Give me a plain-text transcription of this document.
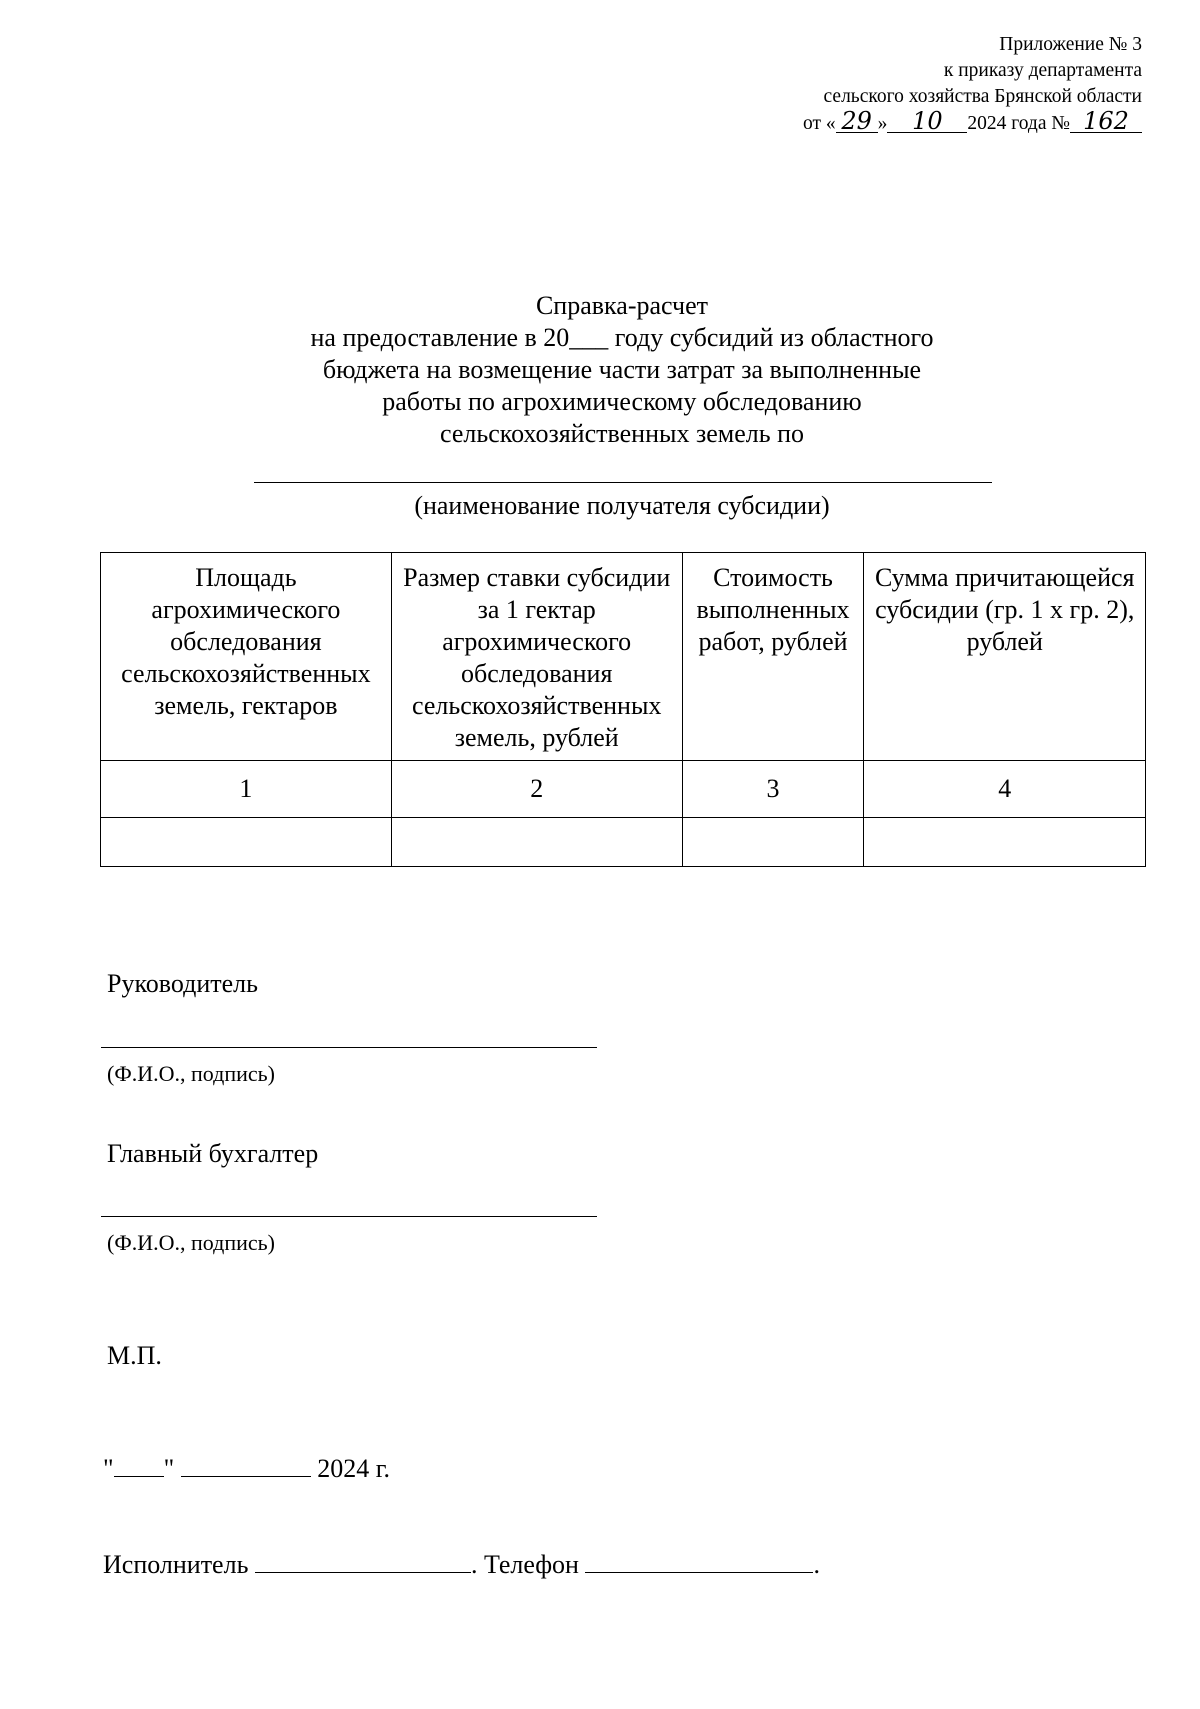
Приложение № 3
к приказу департамента
сельского хозяйства Брянской области
от « 29 » 10 2024 года № 162
Справка-расчет
на предоставление в 20___ году субсидий из областного
бюджета на возмещение части затрат за выполненные
работы по агрохимическому обследованию
сельскохозяйственных земель по
(наименование получателя субсидии)
Площадь агрохимического обследования сельскохозяйственных земель, гектаров	Размер ставки субсидии за 1 гектар агрохимического обследования сельскохозяйственных земель, рублей	Стоимость выполненных работ, рублей	Сумма причитающейся субсидии (гр. 1 х гр. 2), рублей
1	2	3	4

Руководитель
(Ф.И.О., подпись)
Главный бухгалтер
(Ф.И.О., подпись)
М.П.
" "	2024 г.
Исполнитель	. Телефон	.
